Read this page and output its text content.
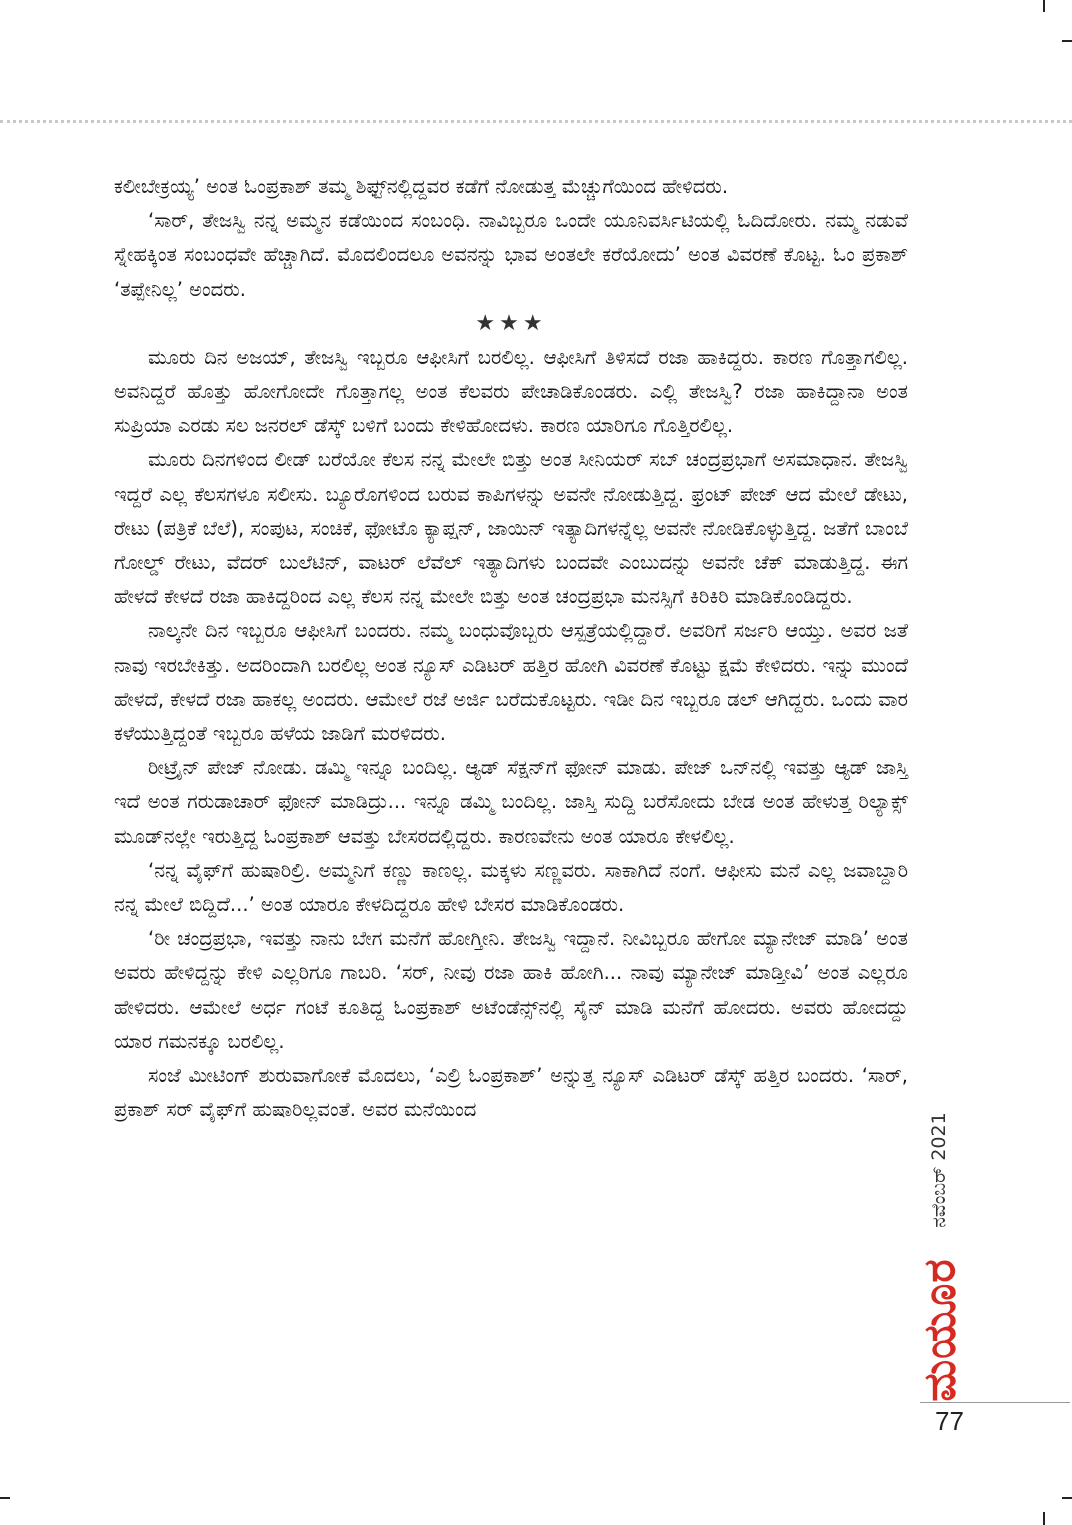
ಕಲೀಬೇಕ್ರಯ್ಯ’ ಅಂತ ಓಂಪ್ರಕಾಶ್ ತಮ್ಮ ಶಿಫ್ಟ್‌ನಲ್ಲಿದ್ದವರ ಕಡೆಗೆ ನೋಡುತ್ತ ಮೆಚ್ಚುಗೆಯಿಂದ ಹೇಳಿದರು.

‘ಸಾರ್, ತೇಜಸ್ವಿ ನನ್ನ ಅಮ್ಮನ ಕಡೆಯಿಂದ ಸಂಬಂಧಿ. ನಾವಿಬ್ಬರೂ ಒಂದೇ ಯೂನಿವರ್ಸಿಟಿಯಲ್ಲಿ ಓದಿದೋರು. ನಮ್ಮ ನಡುವೆ ಸ್ನೇಹಕ್ಕಿಂತ ಸಂಬಂಧವೇ ಹೆಚ್ಚಾಗಿದೆ. ಮೊದಲಿಂದಲೂ ಅವನನ್ನು ಭಾವ ಅಂತಲೇ ಕರೆಯೋದು’ ಅಂತ ವಿವರಣೆ ಕೊಟ್ಟ. ಓಂ ಪ್ರಕಾಶ್ ‘ತಪ್ಪೇನಿಲ್ಲ’ ಅಂದರು.

★★★

ಮೂರು ದಿನ ಅಜಯ್, ತೇಜಸ್ವಿ ಇಬ್ಬರೂ ಆಫೀಸಿಗೆ ಬರಲಿಲ್ಲ. ಆಫೀಸಿಗೆ ತಿಳಿಸದೆ ರಜಾ ಹಾಕಿದ್ದರು. ಕಾರಣ ಗೊತ್ತಾಗಲಿಲ್ಲ. ಅವನಿದ್ದರೆ ಹೊತ್ತು ಹೋಗೋದೇ ಗೊತ್ತಾಗಲ್ಲ ಅಂತ ಕೆಲವರು ಪೇಚಾಡಿಕೊಂಡರು. ಎಲ್ಲಿ ತೇಜಸ್ವಿ? ರಜಾ ಹಾಕಿದ್ದಾನಾ ಅಂತ ಸುಪ್ರಿಯಾ ಎರಡು ಸಲ ಜನರಲ್ ಡೆಸ್ಕ್ ಬಳಿಗೆ ಬಂದು ಕೇಳಿಹೋದಳು. ಕಾರಣ ಯಾರಿಗೂ ಗೊತ್ತಿರಲಿಲ್ಲ.

ಮೂರು ದಿನಗಳಿಂದ ಲೀಡ್ ಬರೆಯೋ ಕೆಲಸ ನನ್ನ ಮೇಲೇ ಬಿತ್ತು ಅಂತ ಸೀನಿಯರ್ ಸಬ್ ಚಂದ್ರಪ್ರಭಾಗೆ ಅಸಮಾಧಾನ. ತೇಜಸ್ವಿ ಇದ್ದರೆ ಎಲ್ಲ ಕೆಲಸಗಳೂ ಸಲೀಸು. ಬ್ಯೂರೊಗಳಿಂದ ಬರುವ ಕಾಪಿಗಳನ್ನು ಅವನೇ ನೋಡುತ್ತಿದ್ದ. ಫ್ರಂಟ್ ಪೇಜ್ ಆದ ಮೇಲೆ ಡೇಟು, ರೇಟು (ಪತ್ರಿಕೆ ಬೆಲೆ), ಸಂಪುಟ, ಸಂಚಿಕೆ, ಫೋಟೊ ಕ್ಯಾಪ್ಷನ್, ಜಾಯಿನ್ ಇತ್ಯಾದಿಗಳನ್ನೆಲ್ಲ ಅವನೇ ನೋಡಿಕೊಳ್ಳುತ್ತಿದ್ದ. ಜತೆಗೆ ಬಾಂಬೆ ಗೋಲ್ಡ್ ರೇಟು, ವೆದರ್ ಬುಲೆಟಿನ್, ವಾಟರ್ ಲೆವೆಲ್ ಇತ್ಯಾದಿಗಳು ಬಂದವೇ ಎಂಬುದನ್ನು ಅವನೇ ಚೆಕ್ ಮಾಡುತ್ತಿದ್ದ. ಈಗ ಹೇಳದೆ ಕೇಳದೆ ರಜಾ ಹಾಕಿದ್ದರಿಂದ ಎಲ್ಲ ಕೆಲಸ ನನ್ನ ಮೇಲೇ ಬಿತ್ತು ಅಂತ ಚಂದ್ರಪ್ರಭಾ ಮನಸ್ಸಿಗೆ ಕಿರಿಕಿರಿ ಮಾಡಿಕೊಂಡಿದ್ದರು.

ನಾಲ್ಕನೇ ದಿನ ಇಬ್ಬರೂ ಆಫೀಸಿಗೆ ಬಂದರು. ನಮ್ಮ ಬಂಧುವೊಬ್ಬರು ಆಸ್ಪತ್ರೆಯಲ್ಲಿದ್ದಾರೆ. ಅವರಿಗೆ ಸರ್ಜರಿ ಆಯ್ತು. ಅವರ ಜತೆ ನಾವು ಇರಬೇಕಿತ್ತು. ಅದರಿಂದಾಗಿ ಬರಲಿಲ್ಲ ಅಂತ ನ್ಯೂಸ್ ಎಡಿಟರ್ ಹತ್ತಿರ ಹೋಗಿ ವಿವರಣೆ ಕೊಟ್ಟು ಕ್ಷಮೆ ಕೇಳಿದರು. ಇನ್ನು ಮುಂದೆ ಹೇಳದೆ, ಕೇಳದೆ ರಜಾ ಹಾಕಲ್ಲ ಅಂದರು. ಆಮೇಲೆ ರಜೆ ಅರ್ಜಿ ಬರೆದುಕೊಟ್ಟರು. ಇಡೀ ದಿನ ಇಬ್ಬರೂ ಡಲ್ ಆಗಿದ್ದರು. ಒಂದು ವಾರ ಕಳೆಯುತ್ತಿದ್ದಂತೆ ಇಬ್ಬರೂ ಹಳೆಯ ಜಾಡಿಗೆ ಮರಳಿದರು.

ರೀಟ್ರೈನ್ ಪೇಜ್ ನೋಡು. ಡಮ್ಮಿ ಇನ್ನೂ ಬಂದಿಲ್ಲ. ಆ್ಯಡ್ ಸೆಕ್ಷನ್‌ಗೆ ಫೋನ್ ಮಾಡು. ಪೇಜ್ ಒನ್‌ನಲ್ಲಿ ಇವತ್ತು ಆ್ಯಡ್ ಜಾಸ್ತಿ ಇದೆ ಅಂತ ಗರುಡಾಚಾರ್ ಫೋನ್ ಮಾಡಿದ್ರು... ಇನ್ನೂ ಡಮ್ಮಿ ಬಂದಿಲ್ಲ. ಜಾಸ್ತಿ ಸುದ್ದಿ ಬರೆಸೋದು ಬೇಡ ಅಂತ ಹೇಳುತ್ತ ರಿಲ್ಯಾಕ್ಸ್ ಮೂಡ್‌ನಲ್ಲೇ ಇರುತ್ತಿದ್ದ ಓಂಪ್ರಕಾಶ್ ಆವತ್ತು ಬೇಸರದಲ್ಲಿದ್ದರು. ಕಾರಣವೇನು ಅಂತ ಯಾರೂ ಕೇಳಲಿಲ್ಲ.

‘ನನ್ನ ವೈಫ್‌ಗೆ ಹುಷಾರಿಲ್ರಿ. ಅಮ್ಮನಿಗೆ ಕಣ್ಣು ಕಾಣಲ್ಲ. ಮಕ್ಕಳು ಸಣ್ಣವರು. ಸಾಕಾಗಿದೆ ನಂಗೆ. ಆಫೀಸು ಮನೆ ಎಲ್ಲ ಜವಾಬ್ದಾರಿ ನನ್ನ ಮೇಲೆ ಬಿದ್ದಿದೆ...’ ಅಂತ ಯಾರೂ ಕೇಳದಿದ್ದರೂ ಹೇಳಿ ಬೇಸರ ಮಾಡಿಕೊಂಡರು.

‘ರೀ ಚಂದ್ರಪ್ರಭಾ, ಇವತ್ತು ನಾನು ಬೇಗ ಮನೆಗೆ ಹೋಗ್ತೀನಿ. ತೇಜಸ್ವಿ ಇದ್ದಾನೆ. ನೀವಿಬ್ಬರೂ ಹೇಗೋ ಮ್ಯಾನೇಜ್ ಮಾಡಿ’ ಅಂತ ಅವರು ಹೇಳಿದ್ದನ್ನು ಕೇಳಿ ಎಲ್ಲರಿಗೂ ಗಾಬರಿ. ‘ಸರ್, ನೀವು ರಜಾ ಹಾಕಿ ಹೋಗಿ... ನಾವು ಮ್ಯಾನೇಜ್ ಮಾಡ್ತೀವಿ’ ಅಂತ ಎಲ್ಲರೂ ಹೇಳಿದರು. ಆಮೇಲೆ ಅರ್ಧ ಗಂಟೆ ಕೂತಿದ್ದ ಓಂಪ್ರಕಾಶ್ ಅಟೆಂಡೆನ್ಸ್‌ನಲ್ಲಿ ಸೈನ್ ಮಾಡಿ ಮನೆಗೆ ಹೋದರು. ಅವರು ಹೋದದ್ದು ಯಾರ ಗಮನಕ್ಕೂ ಬರಲಿಲ್ಲ.

ಸಂಜೆ ಮೀಟಿಂಗ್ ಶುರುವಾಗೋಕೆ ಮೊದಲು, ‘ಎಲ್ರಿ ಓಂಪ್ರಕಾಶ್’ ಅನ್ನುತ್ತ ನ್ಯೂಸ್ ಎಡಿಟರ್ ಡೆಸ್ಕ್ ಹತ್ತಿರ ಬಂದರು. ‘ಸಾರ್, ಪ್ರಕಾಶ್ ಸರ್ ವೈಫ್‌ಗೆ ಹುಷಾರಿಲ್ಲವಂತೆ. ಅವರ ಮನೆಯಿಂದ

ನವೆಂಬರ್ 2021
ಮಯೂರ
77
